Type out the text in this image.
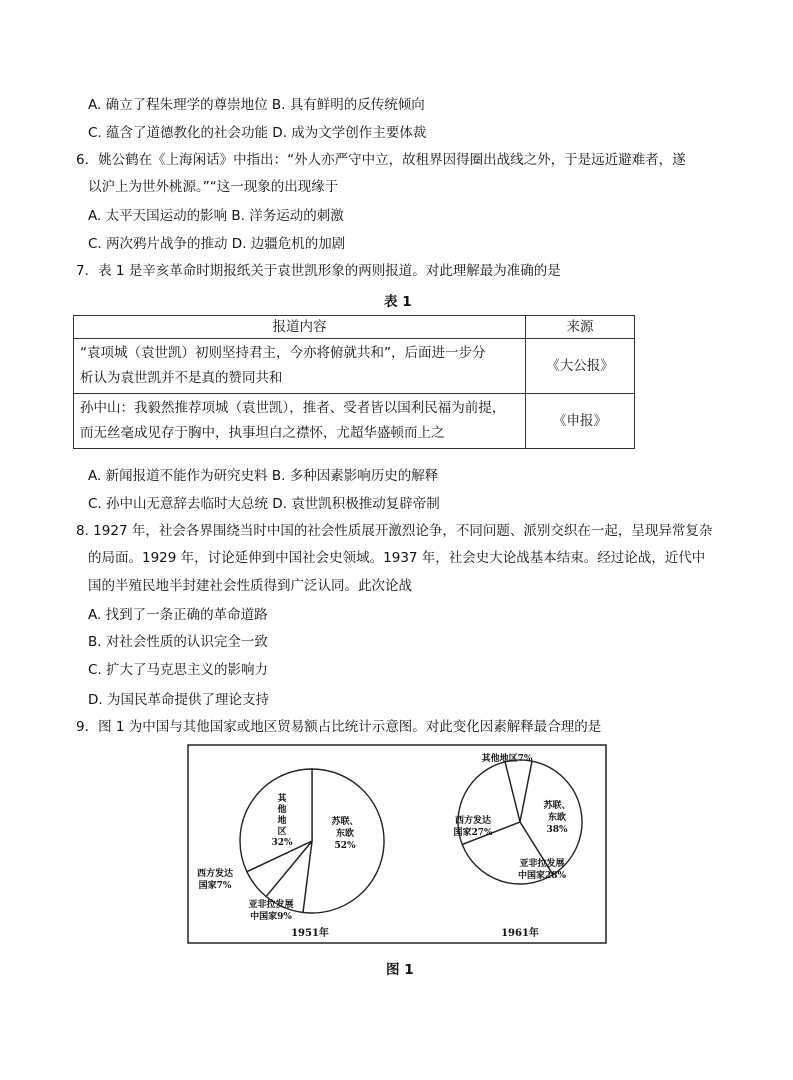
A. 确立了程朱理学的尊崇地位 B. 具有鲜明的反传统倾向
C. 蕴含了道德教化的社会功能 D. 成为文学创作主要体裁
6．姚公鹤在《上海闲话》中指出：“外人亦严守中立，故租界因得圈出战线之外，于是远近避难者，遂
以沪上为世外桃源。”“这一现象的出现缘于
A. 太平天国运动的影响 B. 洋务运动的刺激
C. 两次鸦片战争的推动 D. 边疆危机的加剧
7．表 1 是辛亥革命时期报纸关于袁世凯形象的两则报道。对此理解最为准确的是
表 1
报道内容	来源

“袁项城（袁世凯）初则坚持君主，今亦将俯就共和”，后面进一步分
析认为袁世凯并不是真的赞同共和	《大公报》

孙中山：我毅然推荐项城（袁世凯），推者、受者皆以国利民福为前提，
而无丝毫成见存于胸中，执事坦白之襟怀，尤超华盛顿而上之	《申报》
A. 新闻报道不能作为研究史料 B. 多种因素影响历史的解释
C. 孙中山无意辞去临时大总统 D. 袁世凯积极推动复辟帝制
8. 1927 年，社会各界围绕当时中国的社会性质展开激烈论争，不同问题、派别交织在一起，呈现异常复杂
的局面。1929 年，讨论延伸到中国社会史领域。1937 年，社会史大论战基本结束。经过论战，近代中
国的半殖民地半封建社会性质得到广泛认同。此次论战
A. 找到了一条正确的革命道路
B. 对社会性质的认识完全一致
C. 扩大了马克思主义的影响力
D. 为国民革命提供了理论支持
9．图 1 为中国与其他国家或地区贸易额占比统计示意图。对此变化因素解释最合理的是
苏联、
东欧
52%
其
他
地
区
32%
西方发达
国家7%
亚非拉发展
中国家9%
1951年
苏联、
东欧
38%
亚非拉发展
中国家28%
西方发达
国家27%
其他地区7%
1961年
图 1
